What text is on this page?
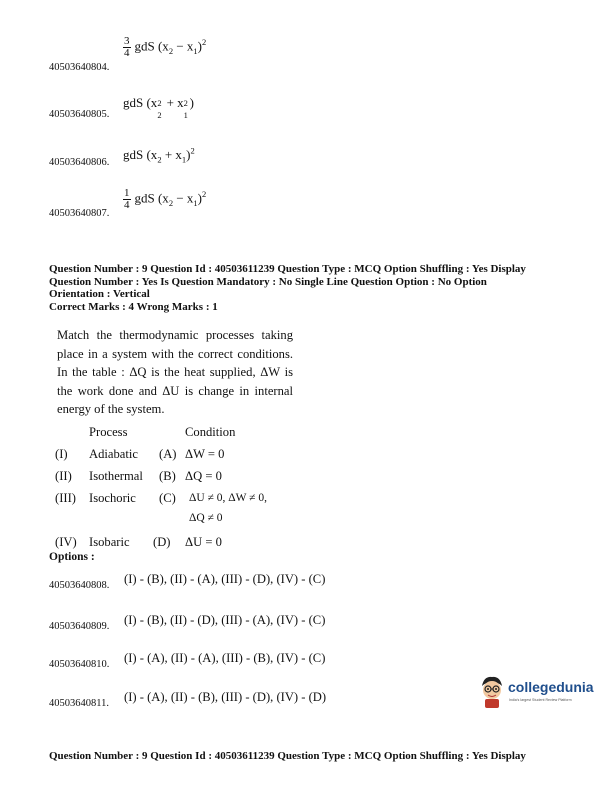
$\frac{3}{4}$ gdS $(x_2 - x_1)^2$
40503640804.
gdS (x 2
2
+ x 2
1
)
40503640805.
gdS $(x_2 + x_1)^2$
40503640806.
$\frac{1}{4}$ gdS $(x_2 - x_1)^2$
40503640807.
Question Number : 9 Question Id : 40503611239 Question Type : MCQ Option Shuffling : Yes Display
Question Number : Yes Is Question Mandatory : No Single Line Question Option : No Option
Orientation : Vertical
Correct Marks : 4 Wrong Marks : 1
Match the thermodynamic processes taking place in a system with the correct conditions. In the table : ΔQ is the heat supplied, ΔW is the work done and ΔU is change in internal energy of the system.
Process	Condition
(I) Adiabatic (A) ΔW = 0
(II) Isothermal (B) ΔQ = 0
(III) Isochoric (C) ΔU ≠ 0, ΔW ≠ 0,
ΔQ ≠ 0
(IV) Isobaric (D) ΔU = 0
Options :
40503640808. (I) - (B), (II) - (A), (III) - (D), (IV) - (C)
40503640809. (I) - (B), (II) - (D), (III) - (A), (IV) - (C)
40503640810. (I) - (A), (II) - (A), (III) - (B), (IV) - (C)
40503640811. (I) - (A), (II) - (B), (III) - (D), (IV) - (D)
collegedunia
India's largest Student Review Platform
Question Number : 9 Question Id : 40503611239 Question Type : MCQ Option Shuffling : Yes Display
